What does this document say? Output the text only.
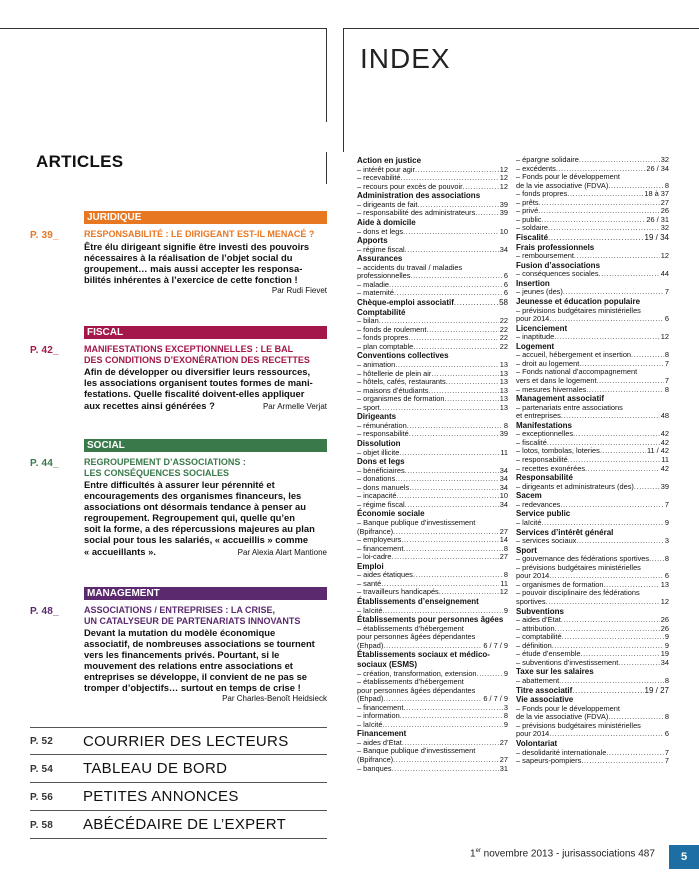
INDEX
ARTICLES
JURIDIQUE
P. 39_	RESPONSABILITÉ : LE DIRIGEANT EST-IL MENACÉ ?
Être élu dirigeant signifie être investi des pouvoirs
nécessaires à la réalisation de l’objet social du
groupement… mais aussi accepter les responsa-
bilités inhérentes à l’exercice de cette fonction !
Par Rudi Fievet
FISCAL
P. 42_	MANIFESTATIONS EXCEPTIONNELLES : LE BAL
DES CONDITIONS D’EXONÉRATION DES RECETTES
Afin de développer ou diversifier leurs ressources,
les associations organisent toutes formes de mani-
festations. Quelle fiscalité doivent-elles appliquer
aux recettes ainsi générées ?	Par Armelle Verjat
SOCIAL
P. 44_	REGROUPEMENT D’ASSOCIATIONS :
LES CONSÉQUENCES SOCIALES
Entre difficultés à assurer leur pérennité et
encouragements des organismes financeurs, les
associations ont désormais tendance à penser au
regroupement. Regroupement qui, quelle qu’en
soit la forme, a des répercussions majeures au plan
social pour tous les salariés, « accueillis » comme
« accueillants ».	Par Alexia Alart Mantione
MANAGEMENT
P. 48_	ASSOCIATIONS / ENTREPRISES : LA CRISE,
UN CATALYSEUR DE PARTENARIATS INNOVANTS
Devant la mutation du modèle économique
associatif, de nombreuses associations se tournent
vers les financements privés. Pourtant, si le
mouvement des relations entre associations et
entreprises se développe, il convient de ne pas se
tromper d’objectifs… surtout en temps de crise !
Par Charles-Benoît Heidsieck
P. 52	COURRIER DES LECTEURS
P. 54	TABLEAU DE BORD
P. 56	PETITES ANNONCES
P. 58	ABÉCÉDAIRE DE L’EXPERT
Action en justice
– intérêt pour agir .....	12
– recevabilité .....	12
– recours pour excès de pouvoir .....	12
Administration des associations
– dirigeants de fait .....	39
– responsabilité des administrateurs .....	39
Aide à domicile
– dons et legs .....	10
Apports
– régime fiscal .....	34
Assurances
– accidents du travail / maladies
professionnelles .....	6
– maladie .....	6
– maternité .....	6
Chèque-emploi associatif .....	58
Comptabilité
– bilan .....	22
– fonds de roulement .....	22
– fonds propres .....	22
– plan comptable .....	22
Conventions collectives
– animation .....	13
– hôtellerie de plein air .....	13
– hôtels, cafés, restaurants .....	13
– maisons d’étudiants .....	13
– organismes de formation .....	13
– sport .....	13
Dirigeants
– rémunération .....	8
– responsabilité .....	39
Dissolution
– objet illicite .....	11
Dons et legs
– bénéficiaires .....	34
– donations .....	34
– dons manuels .....	34
– incapacité .....	10
– régime fiscal .....	34
Économie sociale
– Banque publique d’investissement
(Bpifrance) .....	27
– employeurs .....	14
– financement .....	8
– loi-cadre .....	27
Emploi
– aides étatiques .....	8
– santé .....	11
– travailleurs handicapés .....	12
Établissements d’enseignement
– laïcité .....	9
Établissements pour personnes âgées
– établissements d’hébergement
pour personnes âgées dépendantes
(Ehpad) .....	6 / 7 / 9
Établissements sociaux et médico-
sociaux (ESMS)
– création, transformation, extension .....	9
– établissements d’hébergement
pour personnes âgées dépendantes
(Ehpad) .....	6 / 7 / 9
– financement .....	3
– information .....	8
– laïcité .....	9
Financement
– aides d’État .....	27
– Banque publique d’investissement
(Bpifrance) .....	27
– banques .....	31
– épargne solidaire .....	32
– excédents .....	26 / 34
– Fonds pour le développement
de la vie associative (FDVA) .....	8
– fonds propres .....	18 à 37
– prêts .....	27
– privé .....	26
– public .....	26 / 31
– soldaire .....	32
Fiscalité .....	19 / 34
Frais professionnels
– remboursement .....	12
Fusion d’associations
– conséquences sociales .....	44
Insertion
– jeunes (des) .....	7
Jeunesse et éducation populaire
– prévisions budgétaires ministérielles
pour 2014 .....	6
Licenciement
– inaptitude .....	12
Logement
– accueil, hébergement et insertion .....	8
– droit au logement .....	7
– Fonds national d’accompagnement
vers et dans le logement .....	7
– mesures hivernales .....	8
Management associatif
– partenariats entre associations
et entreprises .....	48
Manifestations
– exceptionnelles .....	42
– fiscalité .....	42
– lotos, tombolas, loteries .....	11 / 42
– responsabilité .....	11
– recettes exonérées .....	42
Responsabilité
– dirigeants et administrateurs (des) .....	39
Sacem
– redevances .....	7
Service public
– laïcité .....	9
Services d’intérêt général
– services sociaux .....	3
Sport
– gouvernance des fédérations sportives ..... 8
– prévisions budgétaires ministérielles
pour 2014 .....	6
– organismes de formation .....	13
– pouvoir disciplinaire des fédérations
sportives .....	12
Subventions
– aides d’État .....	26
– attribution .....	26
– comptabilité .....	9
– définition .....	9
– étude d’ensemble .....	19
– subventions d’investissement .....	34
Taxe sur les salaires
– abattement .....	8
Titre associatif .....	19 / 27
Vie associative
– Fonds pour le développement
de la vie associative (FDVA) .....	8
– prévisions budgétaires ministérielles
pour 2014 .....	6
Volontariat
– desolidarité internationale .....	7
– sapeurs-pompiers .....	7
1er novembre 2013 - jurisassociations 487	5
